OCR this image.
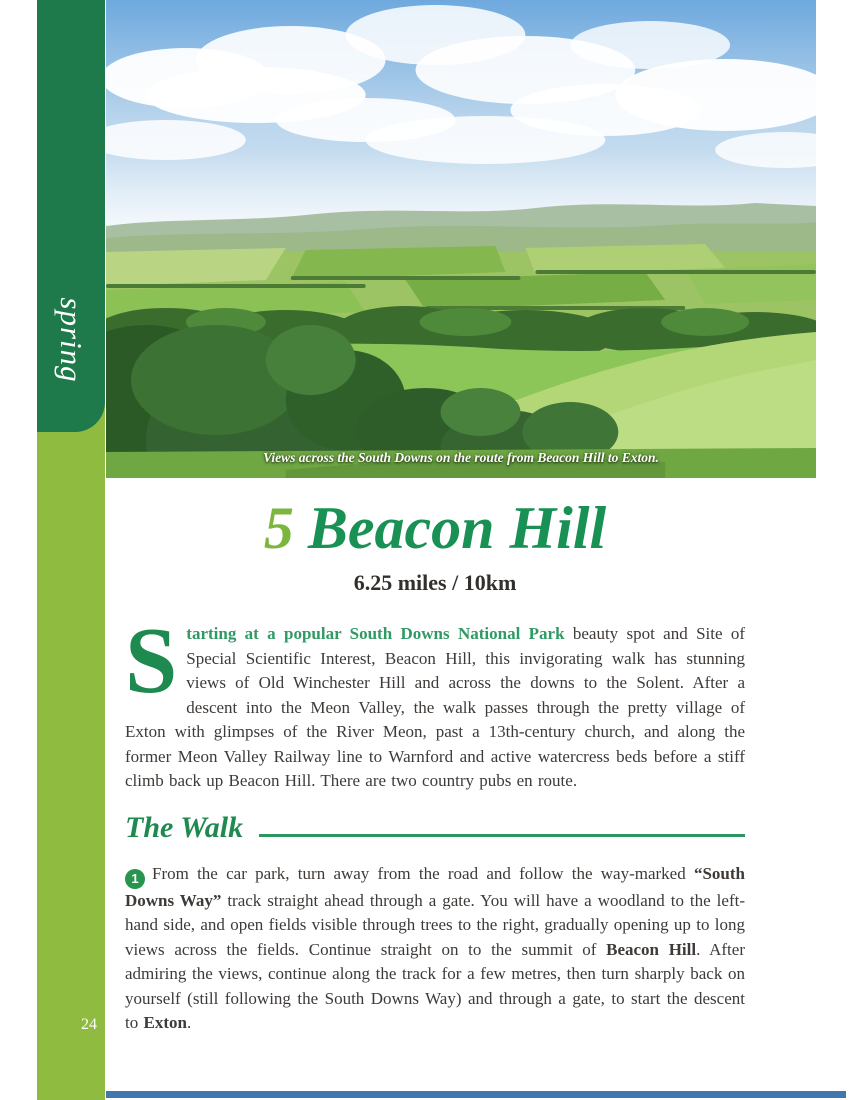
spring
24
Views across the South Downs on the route from Beacon Hill to Exton.
5 Beacon Hill
6.25 miles / 10km

Starting at a popular South Downs National Park beauty spot and Site of Special Scientific Interest, Beacon Hill, this invigorating walk has stunning views of Old Winchester Hill and across the downs to the Solent. After a descent into the Meon Valley, the walk passes through the pretty village of Exton with glimpses of the River Meon, past a 13th-century church, and along the former Meon Valley Railway line to Warnford and active watercress beds before a stiff climb back up Beacon Hill. There are two country pubs en route.

The Walk

1 From the car park, turn away from the road and follow the way-marked “South Downs Way” track straight ahead through a gate. You will have a woodland to the left-hand side, and open fields visible through trees to the right, gradually opening up to long views across the fields. Continue straight on to the summit of Beacon Hill. After admiring the views, continue along the track for a few metres, then turn sharply back on yourself (still following the South Downs Way) and through a gate, to start the descent to Exton.
